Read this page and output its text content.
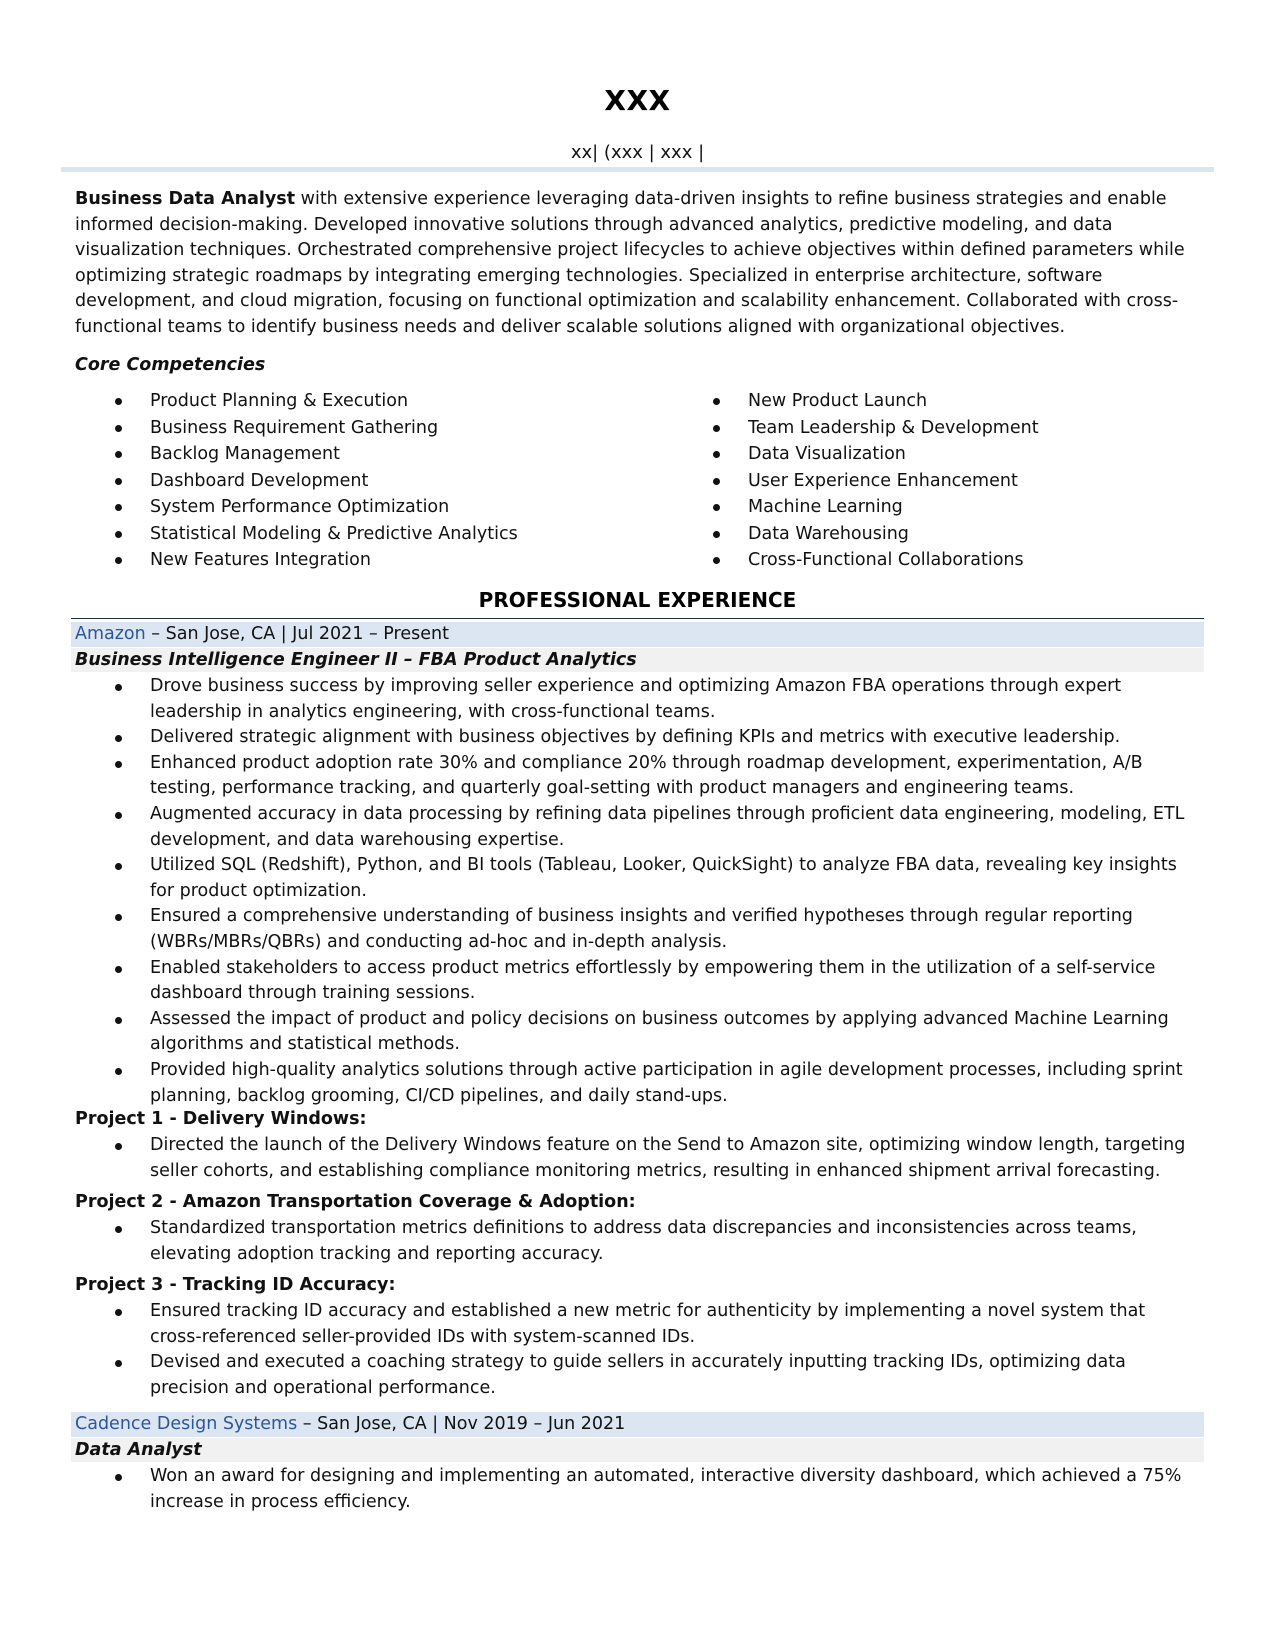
XXX
xx| (xxx | xxx |
Business Data Analyst with extensive experience leveraging data-driven insights to refine business strategies and enable informed decision-making. Developed innovative solutions through advanced analytics, predictive modeling, and data visualization techniques. Orchestrated comprehensive project lifecycles to achieve objectives within defined parameters while optimizing strategic roadmaps by integrating emerging technologies. Specialized in enterprise architecture, software development, and cloud migration, focusing on functional optimization and scalability enhancement. Collaborated with cross-functional teams to identify business needs and deliver scalable solutions aligned with organizational objectives.
Core Competencies
Product Planning & Execution
Business Requirement Gathering
Backlog Management
Dashboard Development
System Performance Optimization
Statistical Modeling & Predictive Analytics
New Features Integration
New Product Launch
Team Leadership & Development
Data Visualization
User Experience Enhancement
Machine Learning
Data Warehousing
Cross-Functional Collaborations
PROFESSIONAL EXPERIENCE
Amazon – San Jose, CA | Jul 2021 – Present
Business Intelligence Engineer II – FBA Product Analytics
Drove business success by improving seller experience and optimizing Amazon FBA operations through expert leadership in analytics engineering, with cross-functional teams.
Delivered strategic alignment with business objectives by defining KPIs and metrics with executive leadership.
Enhanced product adoption rate 30% and compliance 20% through roadmap development, experimentation, A/B testing, performance tracking, and quarterly goal-setting with product managers and engineering teams.
Augmented accuracy in data processing by refining data pipelines through proficient data engineering, modeling, ETL development, and data warehousing expertise.
Utilized SQL (Redshift), Python, and BI tools (Tableau, Looker, QuickSight) to analyze FBA data, revealing key insights for product optimization.
Ensured a comprehensive understanding of business insights and verified hypotheses through regular reporting (WBRs/MBRs/QBRs) and conducting ad-hoc and in-depth analysis.
Enabled stakeholders to access product metrics effortlessly by empowering them in the utilization of a self-service dashboard through training sessions.
Assessed the impact of product and policy decisions on business outcomes by applying advanced Machine Learning algorithms and statistical methods.
Provided high-quality analytics solutions through active participation in agile development processes, including sprint planning, backlog grooming, CI/CD pipelines, and daily stand-ups.
Project 1 - Delivery Windows:
Directed the launch of the Delivery Windows feature on the Send to Amazon site, optimizing window length, targeting seller cohorts, and establishing compliance monitoring metrics, resulting in enhanced shipment arrival forecasting.
Project 2 - Amazon Transportation Coverage & Adoption:
Standardized transportation metrics definitions to address data discrepancies and inconsistencies across teams, elevating adoption tracking and reporting accuracy.
Project 3 - Tracking ID Accuracy:
Ensured tracking ID accuracy and established a new metric for authenticity by implementing a novel system that cross-referenced seller-provided IDs with system-scanned IDs.
Devised and executed a coaching strategy to guide sellers in accurately inputting tracking IDs, optimizing data precision and operational performance.
Cadence Design Systems – San Jose, CA | Nov 2019 – Jun 2021
Data Analyst
Won an award for designing and implementing an automated, interactive diversity dashboard, which achieved a 75% increase in process efficiency.
